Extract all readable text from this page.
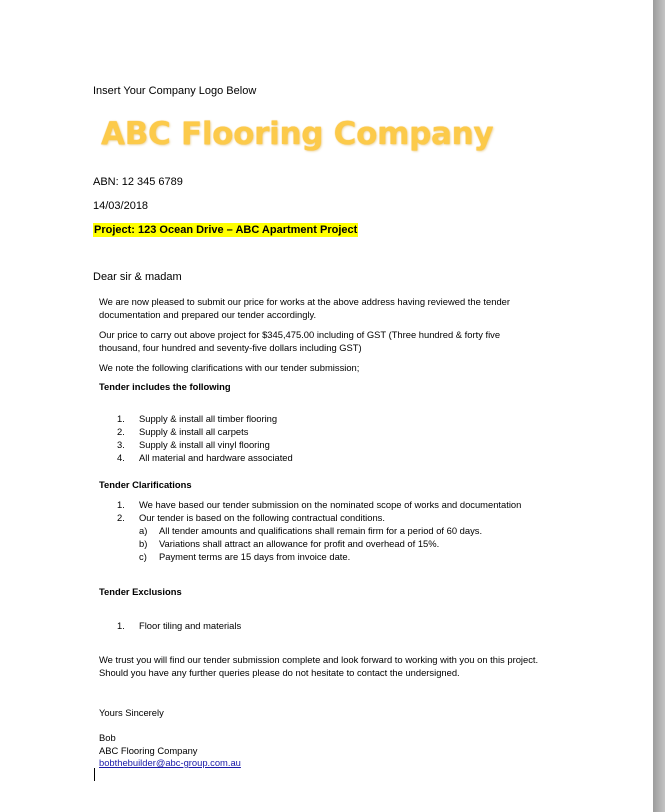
Insert Your Company Logo Below
ABC Flooring Company
ABN: 12 345 6789
14/03/2018
Project: 123 Ocean Drive – ABC Apartment Project
Dear sir & madam
We are now pleased to submit our price for works at the above address having reviewed the tender
documentation and prepared our tender accordingly.
Our price to carry out above project for $345,475.00 including of GST (Three hundred & forty five
thousand, four hundred and seventy-five dollars including GST)
We note the following clarifications with our tender submission;
Tender includes the following
1. Supply & install all timber flooring
2. Supply & install all carpets
3. Supply & install all vinyl flooring
4. All material and hardware associated
Tender Clarifications
1. We have based our tender submission on the nominated scope of works and documentation
2. Our tender is based on the following contractual conditions.
a) All tender amounts and qualifications shall remain firm for a period of 60 days.
b) Variations shall attract an allowance for profit and overhead of 15%.
c) Payment terms are 15 days from invoice date.
Tender Exclusions
1. Floor tiling and materials
We trust you will find our tender submission complete and look forward to working with you on this project.
Should you have any further queries please do not hesitate to contact the undersigned.
Yours Sincerely
Bob
ABC Flooring Company
bobthebuilder@abc-group.com.au
